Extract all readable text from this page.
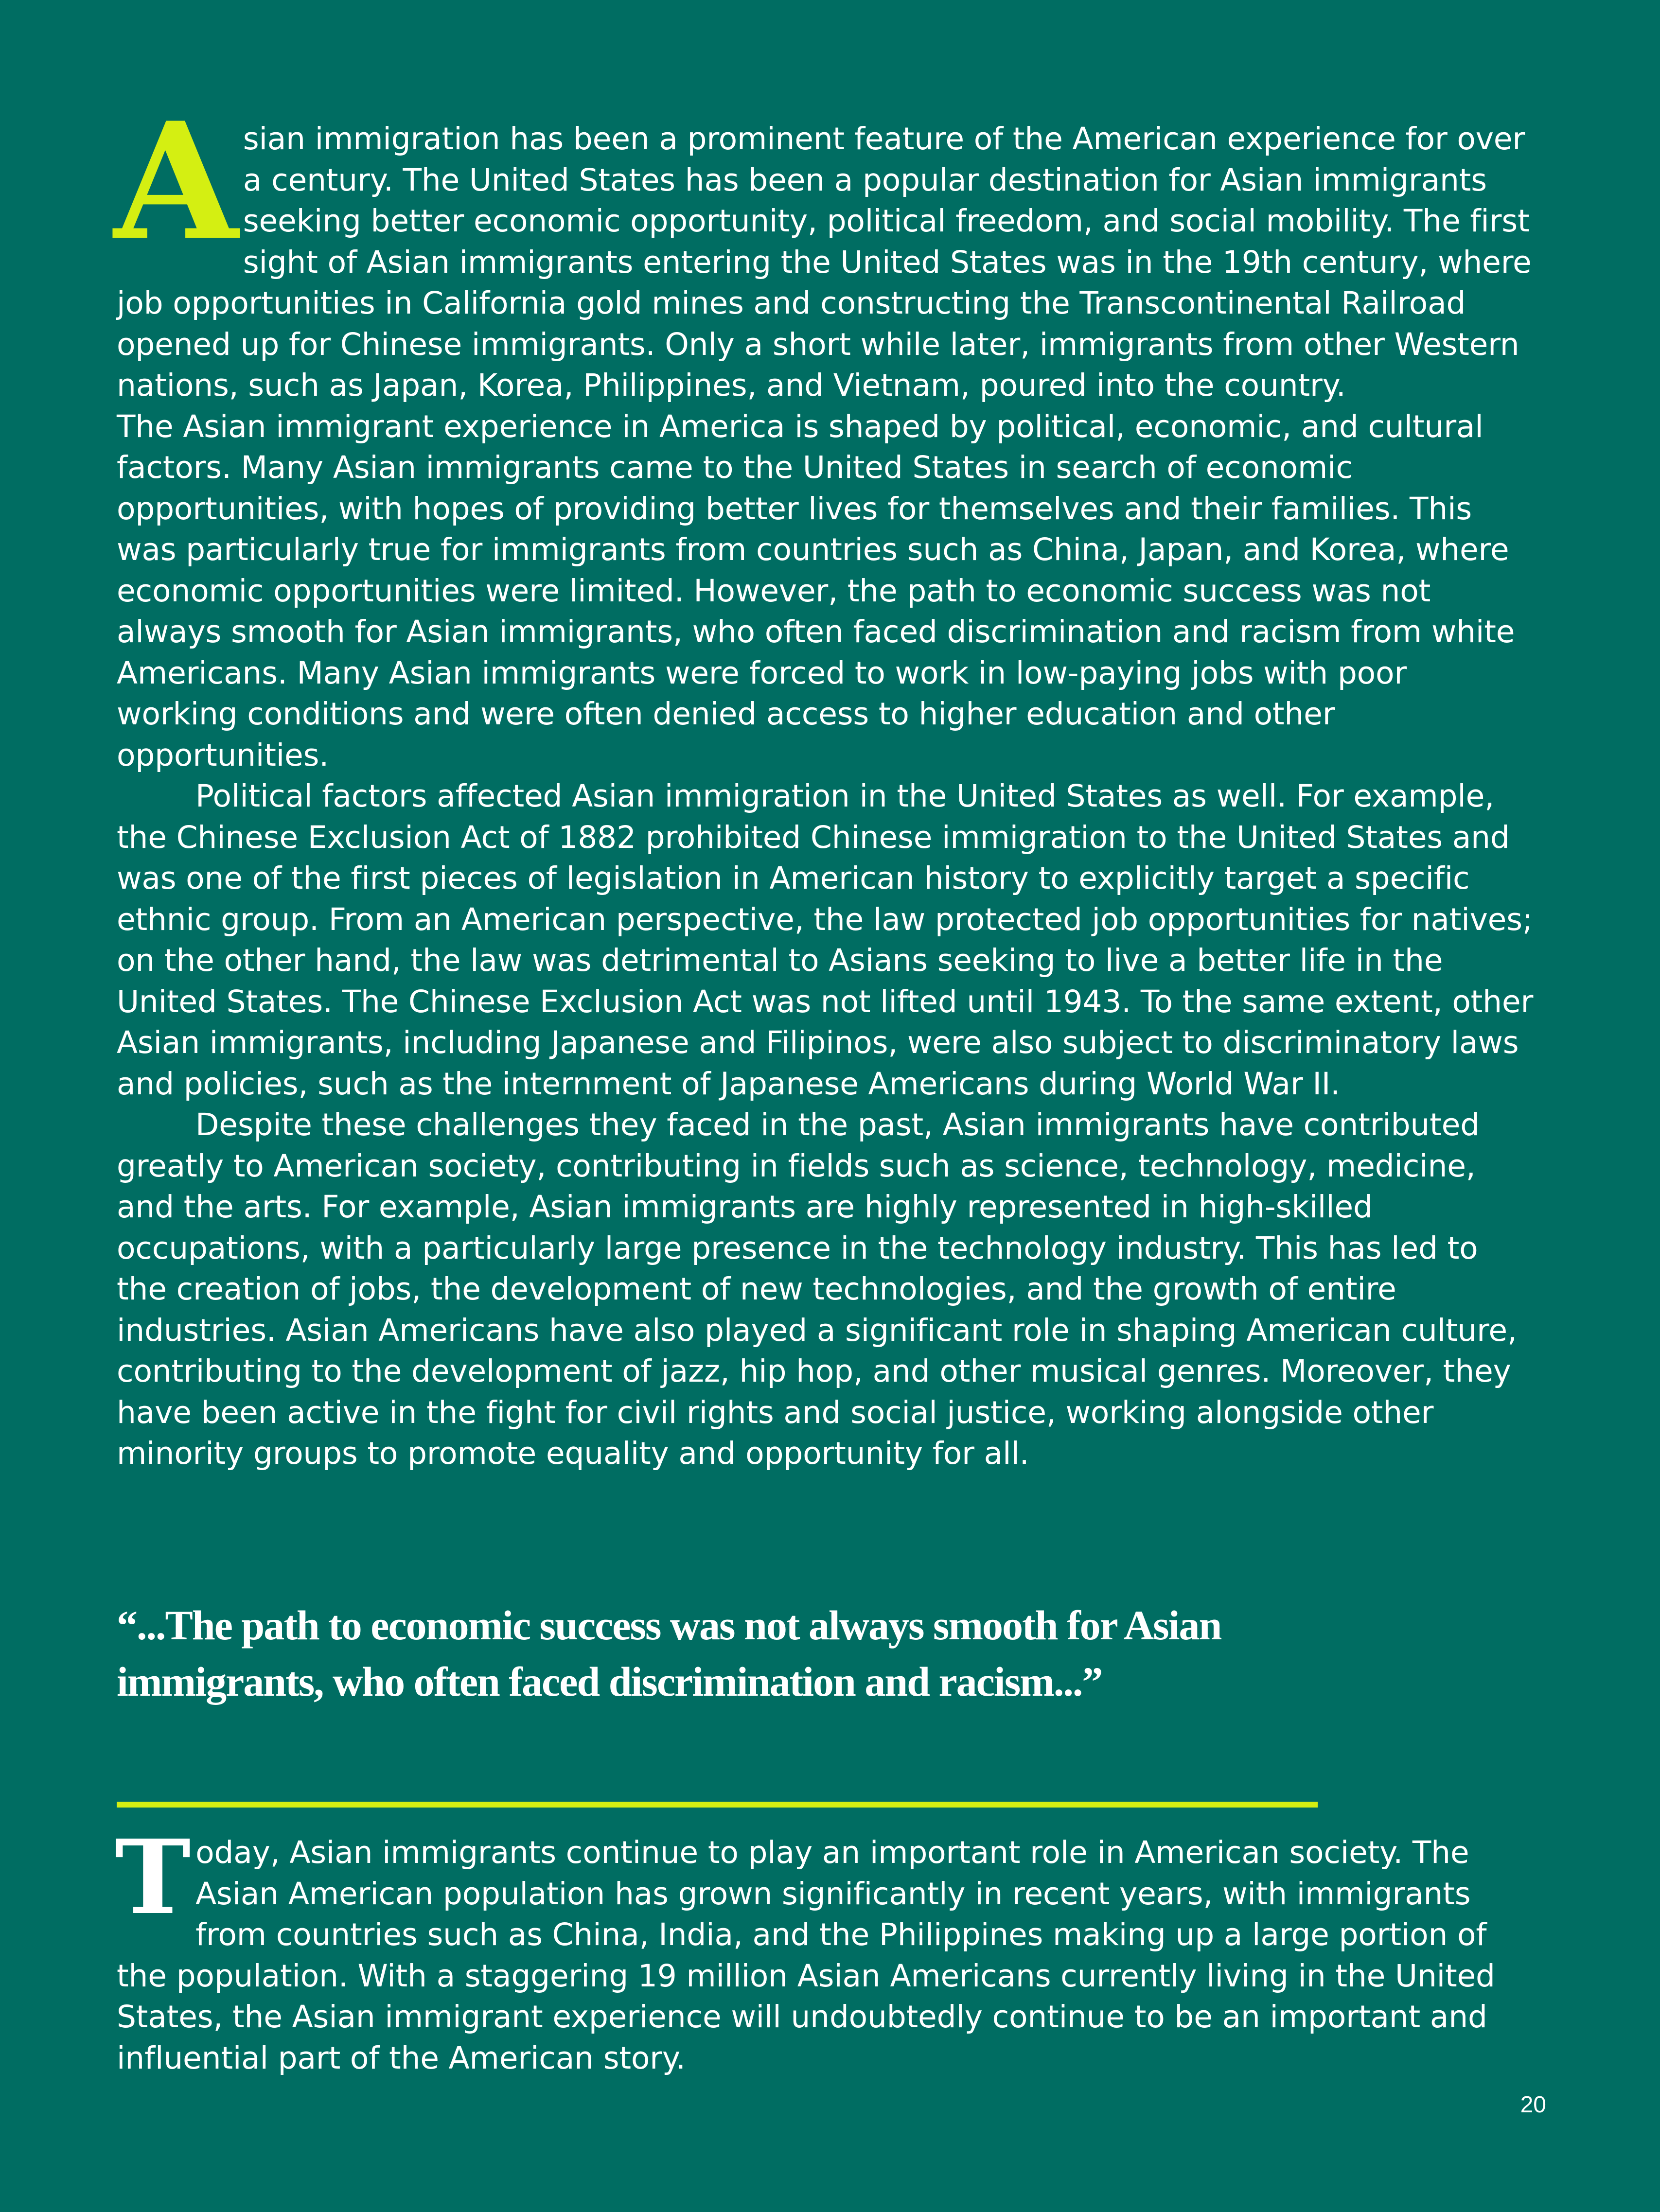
Asian immigration has been a prominent feature of the American experience for over a century. The United States has been a popular destination for Asian immigrants seeking better economic opportunity, political freedom, and social mobility. The first sight of Asian immigrants entering the United States was in the 19th century, where job opportunities in California gold mines and constructing the Transcontinental Railroad opened up for Chinese immigrants. Only a short while later, immigrants from other Western nations, such as Japan, Korea, Philippines, and Vietnam, poured into the country.

The Asian immigrant experience in America is shaped by political, economic, and cultural factors. Many Asian immigrants came to the United States in search of economic opportunities, with hopes of providing better lives for themselves and their families. This was particularly true for immigrants from countries such as China, Japan, and Korea, where economic opportunities were limited. However, the path to economic success was not always smooth for Asian immigrants, who often faced discrimination and racism from white Americans. Many Asian immigrants were forced to work in low-paying jobs with poor working conditions and were often denied access to higher education and other opportunities.

Political factors affected Asian immigration in the United States as well. For example, the Chinese Exclusion Act of 1882 prohibited Chinese immigration to the United States and was one of the first pieces of legislation in American history to explicitly target a specific ethnic group. From an American perspective, the law protected job opportunities for natives; on the other hand, the law was detrimental to Asians seeking to live a better life in the United States. The Chinese Exclusion Act was not lifted until 1943. To the same extent, other Asian immigrants, including Japanese and Filipinos, were also subject to discriminatory laws and policies, such as the internment of Japanese Americans during World War II.

Despite these challenges they faced in the past, Asian immigrants have contributed greatly to American society, contributing in fields such as science, technology, medicine, and the arts. For example, Asian immigrants are highly represented in high-skilled occupations, with a particularly large presence in the technology industry. This has led to the creation of jobs, the development of new technologies, and the growth of entire industries. Asian Americans have also played a significant role in shaping American culture, contributing to the development of jazz, hip hop, and other musical genres. Moreover, they have been active in the fight for civil rights and social justice, working alongside other minority groups to promote equality and opportunity for all.

“...The path to economic success was not always smooth for Asian immigrants, who often faced discrimination and racism...”

Today, Asian immigrants continue to play an important role in American society. The Asian American population has grown significantly in recent years, with immigrants from countries such as China, India, and the Philippines making up a large portion of the population. With a staggering 19 million Asian Americans currently living in the United States, the Asian immigrant experience will undoubtedly continue to be an important and influential part of the American story.

20
